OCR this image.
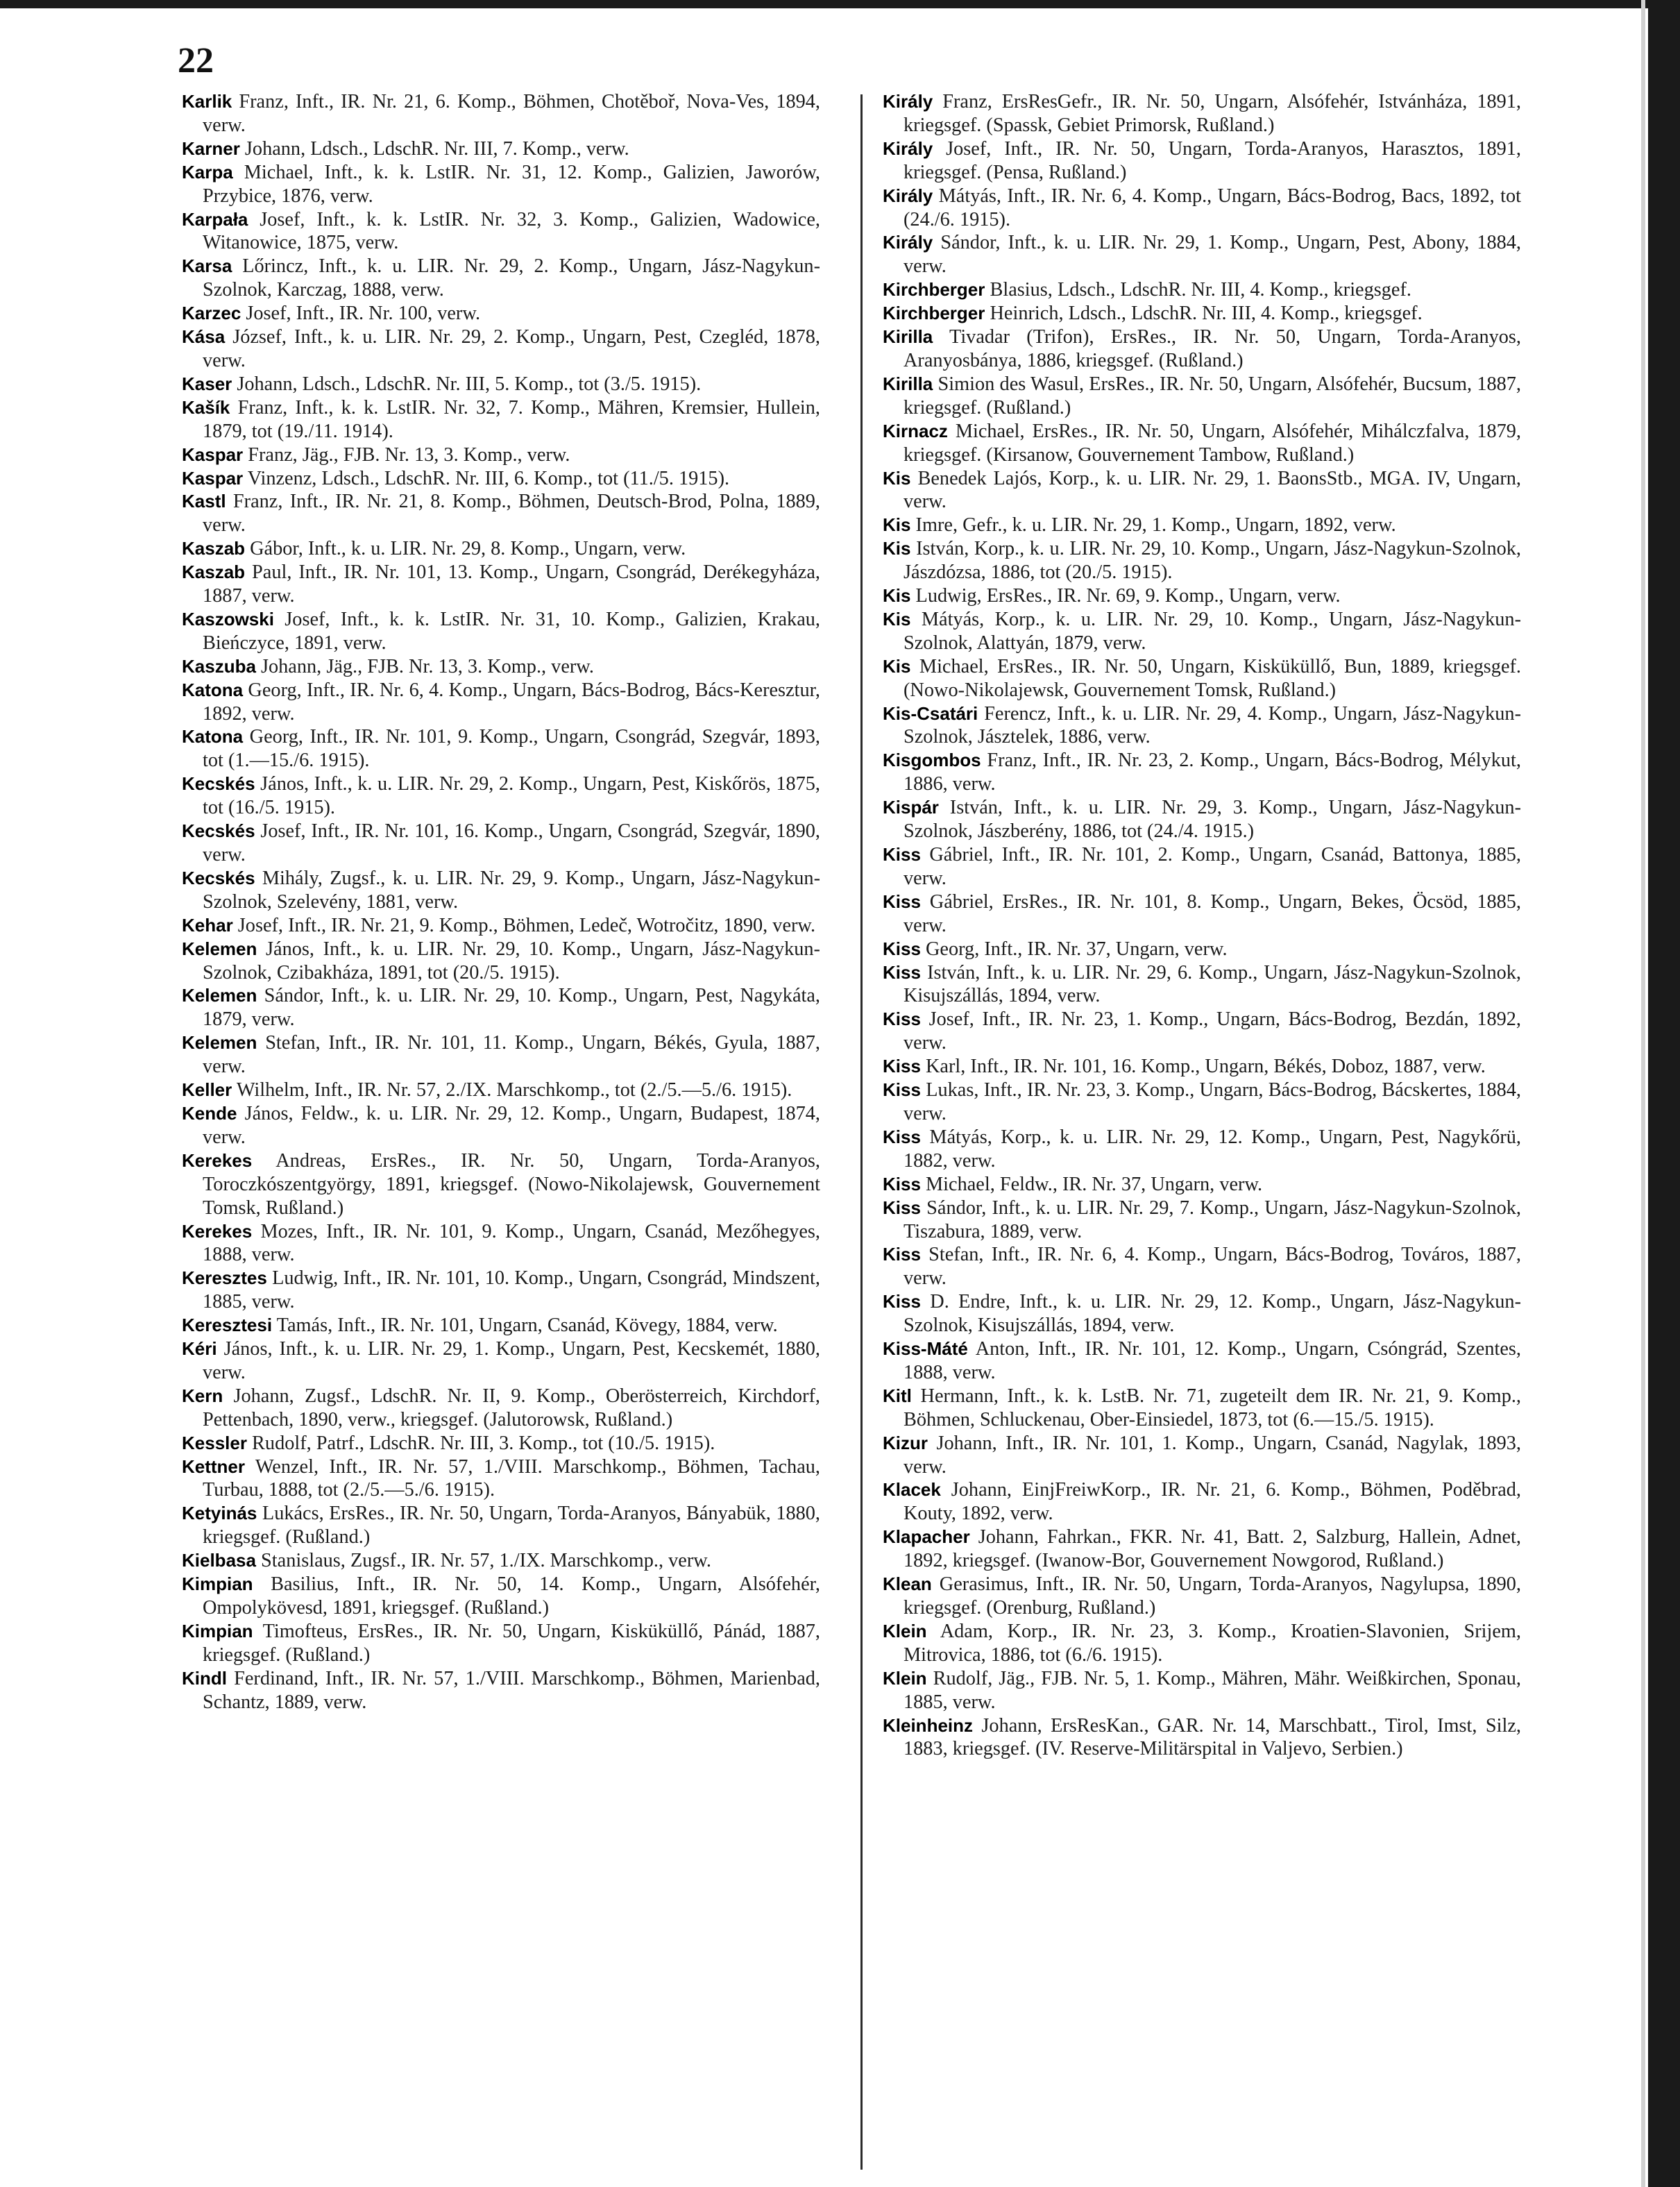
22

Karlik Franz, Inft., IR. Nr. 21, 6. Komp., Böhmen, Chotěboř, Nova-Ves, 1894, verw.

Karner Johann, Ldsch., LdschR. Nr. III, 7. Komp., verw.

Karpa Michael, Inft., k. k. LstIR. Nr. 31, 12. Komp., Galizien, Jaworów, Przybice, 1876, verw.

Karpała Josef, Inft., k. k. LstIR. Nr. 32, 3. Komp., Galizien, Wadowice, Witanowice, 1875, verw.

Karsa Lőrincz, Inft., k. u. LIR. Nr. 29, 2. Komp., Ungarn, Jász-Nagykun-Szolnok, Karczag, 1888, verw.

Karzec Josef, Inft., IR. Nr. 100, verw.

Kása József, Inft., k. u. LIR. Nr. 29, 2. Komp., Ungarn, Pest, Czegléd, 1878, verw.

Kaser Johann, Ldsch., LdschR. Nr. III, 5. Komp., tot (3./5. 1915).

Kašík Franz, Inft., k. k. LstIR. Nr. 32, 7. Komp., Mähren, Kremsier, Hullein, 1879, tot (19./11. 1914).

Kaspar Franz, Jäg., FJB. Nr. 13, 3. Komp., verw.

Kaspar Vinzenz, Ldsch., LdschR. Nr. III, 6. Komp., tot (11./5. 1915).

Kastl Franz, Inft., IR. Nr. 21, 8. Komp., Böhmen, Deutsch-Brod, Polna, 1889, verw.

Kaszab Gábor, Inft., k. u. LIR. Nr. 29, 8. Komp., Ungarn, verw.

Kaszab Paul, Inft., IR. Nr. 101, 13. Komp., Ungarn, Csongrád, Derékegyháza, 1887, verw.

Kaszowski Josef, Inft., k. k. LstIR. Nr. 31, 10. Komp., Galizien, Krakau, Bieńczyce, 1891, verw.

Kaszuba Johann, Jäg., FJB. Nr. 13, 3. Komp., verw.

Katona Georg, Inft., IR. Nr. 6, 4. Komp., Ungarn, Bács-Bodrog, Bács-Keresztur, 1892, verw.

Katona Georg, Inft., IR. Nr. 101, 9. Komp., Ungarn, Csongrád, Szegvár, 1893, tot (1.—15./6. 1915).

Kecskés János, Inft., k. u. LIR. Nr. 29, 2. Komp., Ungarn, Pest, Kiskőrös, 1875, tot (16./5. 1915).

Kecskés Josef, Inft., IR. Nr. 101, 16. Komp., Ungarn, Csongrád, Szegvár, 1890, verw.

Kecskés Mihály, Zugsf., k. u. LIR. Nr. 29, 9. Komp., Ungarn, Jász-Nagykun-Szolnok, Szelevény, 1881, verw.

Kehar Josef, Inft., IR. Nr. 21, 9. Komp., Böhmen, Ledeč, Wotročitz, 1890, verw.

Kelemen János, Inft., k. u. LIR. Nr. 29, 10. Komp., Ungarn, Jász-Nagykun-Szolnok, Czibakháza, 1891, tot (20./5. 1915).

Kelemen Sándor, Inft., k. u. LIR. Nr. 29, 10. Komp., Ungarn, Pest, Nagykáta, 1879, verw.

Kelemen Stefan, Inft., IR. Nr. 101, 11. Komp., Ungarn, Békés, Gyula, 1887, verw.

Keller Wilhelm, Inft., IR. Nr. 57, 2./IX. Marschkomp., tot (2./5.—5./6. 1915).

Kende János, Feldw., k. u. LIR. Nr. 29, 12. Komp., Ungarn, Budapest, 1874, verw.

Kerekes Andreas, ErsRes., IR. Nr. 50, Ungarn, Torda-Aranyos, Toroczkószentgyörgy, 1891, kriegsgef. (Nowo-Nikolajewsk, Gouvernement Tomsk, Rußland.)

Kerekes Mozes, Inft., IR. Nr. 101, 9. Komp., Ungarn, Csanád, Mezőhegyes, 1888, verw.

Keresztes Ludwig, Inft., IR. Nr. 101, 10. Komp., Ungarn, Csongrád, Mindszent, 1885, verw.

Keresztesi Tamás, Inft., IR. Nr. 101, Ungarn, Csanád, Kövegy, 1884, verw.

Kéri János, Inft., k. u. LIR. Nr. 29, 1. Komp., Ungarn, Pest, Kecskemét, 1880, verw.

Kern Johann, Zugsf., LdschR. Nr. II, 9. Komp., Oberösterreich, Kirchdorf, Pettenbach, 1890, verw., kriegsgef. (Jalutorowsk, Rußland.)

Kessler Rudolf, Patrf., LdschR. Nr. III, 3. Komp., tot (10./5. 1915).

Kettner Wenzel, Inft., IR. Nr. 57, 1./VIII. Marschkomp., Böhmen, Tachau, Turbau, 1888, tot (2./5.—5./6. 1915).

Ketyinás Lukács, ErsRes., IR. Nr. 50, Ungarn, Torda-Aranyos, Bányabük, 1880, kriegsgef. (Rußland.)

Kielbasa Stanislaus, Zugsf., IR. Nr. 57, 1./IX. Marschkomp., verw.

Kimpian Basilius, Inft., IR. Nr. 50, 14. Komp., Ungarn, Alsófehér, Ompolykövesd, 1891, kriegsgef. (Rußland.)

Kimpian Timofteus, ErsRes., IR. Nr. 50, Ungarn, Kisküküllő, Pánád, 1887, kriegsgef. (Rußland.)

Kindl Ferdinand, Inft., IR. Nr. 57, 1./VIII. Marschkomp., Böhmen, Marienbad, Schantz, 1889, verw.

Király Franz, ErsResGefr., IR. Nr. 50, Ungarn, Alsófehér, Istvánháza, 1891, kriegsgef. (Spassk, Gebiet Primorsk, Rußland.)

Király Josef, Inft., IR. Nr. 50, Ungarn, Torda-Aranyos, Harasztos, 1891, kriegsgef. (Pensa, Rußland.)

Király Mátyás, Inft., IR. Nr. 6, 4. Komp., Ungarn, Bács-Bodrog, Bacs, 1892, tot (24./6. 1915).

Király Sándor, Inft., k. u. LIR. Nr. 29, 1. Komp., Ungarn, Pest, Abony, 1884, verw.

Kirchberger Blasius, Ldsch., LdschR. Nr. III, 4. Komp., kriegsgef.

Kirchberger Heinrich, Ldsch., LdschR. Nr. III, 4. Komp., kriegsgef.

Kirilla Tivadar (Trifon), ErsRes., IR. Nr. 50, Ungarn, Torda-Aranyos, Aranyosbánya, 1886, kriegsgef. (Rußland.)

Kirilla Simion des Wasul, ErsRes., IR. Nr. 50, Ungarn, Alsófehér, Bucsum, 1887, kriegsgef. (Rußland.)

Kirnacz Michael, ErsRes., IR. Nr. 50, Ungarn, Alsófehér, Mihálczfalva, 1879, kriegsgef. (Kirsanow, Gouvernement Tambow, Rußland.)

Kis Benedek Lajós, Korp., k. u. LIR. Nr. 29, 1. BaonsStb., MGA. IV, Ungarn, verw.

Kis Imre, Gefr., k. u. LIR. Nr. 29, 1. Komp., Ungarn, 1892, verw.

Kis István, Korp., k. u. LIR. Nr. 29, 10. Komp., Ungarn, Jász-Nagykun-Szolnok, Jászdózsa, 1886, tot (20./5. 1915).

Kis Ludwig, ErsRes., IR. Nr. 69, 9. Komp., Ungarn, verw.

Kis Mátyás, Korp., k. u. LIR. Nr. 29, 10. Komp., Ungarn, Jász-Nagykun-Szolnok, Alattyán, 1879, verw.

Kis Michael, ErsRes., IR. Nr. 50, Ungarn, Kisküküllő, Bun, 1889, kriegsgef. (Nowo-Nikolajewsk, Gouvernement Tomsk, Rußland.)

Kis-Csatári Ferencz, Inft., k. u. LIR. Nr. 29, 4. Komp., Ungarn, Jász-Nagykun-Szolnok, Jásztelek, 1886, verw.

Kisgombos Franz, Inft., IR. Nr. 23, 2. Komp., Ungarn, Bács-Bodrog, Mélykut, 1886, verw.

Kispár István, Inft., k. u. LIR. Nr. 29, 3. Komp., Ungarn, Jász-Nagykun-Szolnok, Jászberény, 1886, tot (24./4. 1915.)

Kiss Gábriel, Inft., IR. Nr. 101, 2. Komp., Ungarn, Csanád, Battonya, 1885, verw.

Kiss Gábriel, ErsRes., IR. Nr. 101, 8. Komp., Ungarn, Bekes, Öcsöd, 1885, verw.

Kiss Georg, Inft., IR. Nr. 37, Ungarn, verw.

Kiss István, Inft., k. u. LIR. Nr. 29, 6. Komp., Ungarn, Jász-Nagykun-Szolnok, Kisujszállás, 1894, verw.

Kiss Josef, Inft., IR. Nr. 23, 1. Komp., Ungarn, Bács-Bodrog, Bezdán, 1892, verw.

Kiss Karl, Inft., IR. Nr. 101, 16. Komp., Ungarn, Békés, Doboz, 1887, verw.

Kiss Lukas, Inft., IR. Nr. 23, 3. Komp., Ungarn, Bács-Bodrog, Bácskertes, 1884, verw.

Kiss Mátyás, Korp., k. u. LIR. Nr. 29, 12. Komp., Ungarn, Pest, Nagykőrü, 1882, verw.

Kiss Michael, Feldw., IR. Nr. 37, Ungarn, verw.

Kiss Sándor, Inft., k. u. LIR. Nr. 29, 7. Komp., Ungarn, Jász-Nagykun-Szolnok, Tiszabura, 1889, verw.

Kiss Stefan, Inft., IR. Nr. 6, 4. Komp., Ungarn, Bács-Bodrog, Továros, 1887, verw.

Kiss D. Endre, Inft., k. u. LIR. Nr. 29, 12. Komp., Ungarn, Jász-Nagykun-Szolnok, Kisujszállás, 1894, verw.

Kiss-Máté Anton, Inft., IR. Nr. 101, 12. Komp., Ungarn, Csóngrád, Szentes, 1888, verw.

Kitl Hermann, Inft., k. k. LstB. Nr. 71, zugeteilt dem IR. Nr. 21, 9. Komp., Böhmen, Schluckenau, Ober-Einsiedel, 1873, tot (6.—15./5. 1915).

Kizur Johann, Inft., IR. Nr. 101, 1. Komp., Ungarn, Csanád, Nagylak, 1893, verw.

Klacek Johann, EinjFreiwKorp., IR. Nr. 21, 6. Komp., Böhmen, Poděbrad, Kouty, 1892, verw.

Klapacher Johann, Fahrkan., FKR. Nr. 41, Batt. 2, Salzburg, Hallein, Adnet, 1892, kriegsgef. (Iwanow-Bor, Gouvernement Nowgorod, Rußland.)

Klean Gerasimus, Inft., IR. Nr. 50, Ungarn, Torda-Aranyos, Nagylupsa, 1890, kriegsgef. (Orenburg, Rußland.)

Klein Adam, Korp., IR. Nr. 23, 3. Komp., Kroatien-Slavonien, Srijem, Mitrovica, 1886, tot (6./6. 1915).

Klein Rudolf, Jäg., FJB. Nr. 5, 1. Komp., Mähren, Mähr. Weißkirchen, Sponau, 1885, verw.

Kleinheinz Johann, ErsResKan., GAR. Nr. 14, Marschbatt., Tirol, Imst, Silz, 1883, kriegsgef. (IV. Reserve-Militärspital in Valjevo, Serbien.)
